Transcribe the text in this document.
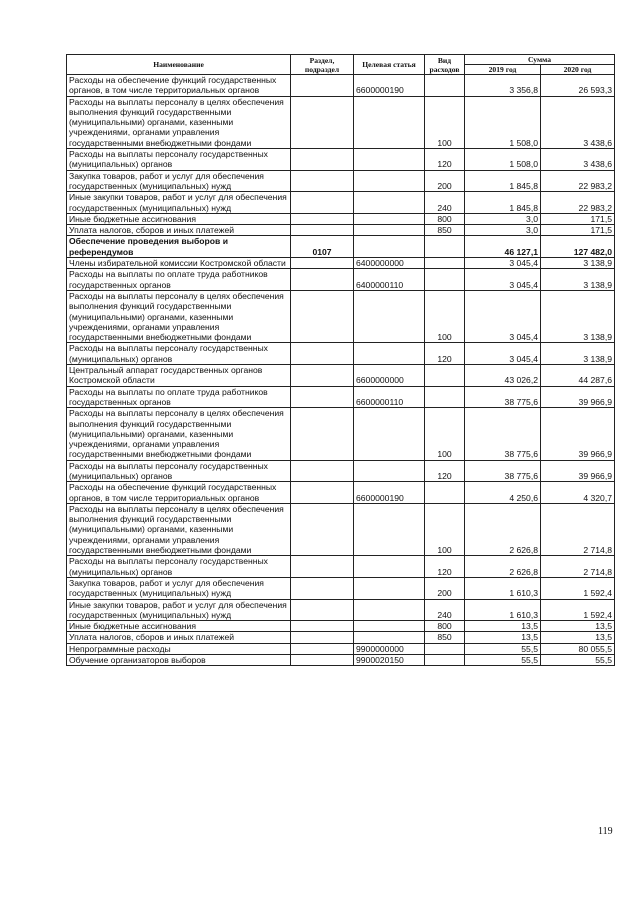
Наименование	Раздел, подраздел	Целевая статья	Вид расходов	Сумма	
				2019 год	2020 год
Расходы на обеспечение функций государственных органов, в том числе территориальных органов		6600000190		3 356,8	26 593,3
Расходы на выплаты персоналу в целях обеспечения выполнения функций государственными (муниципальными) органами, казенными учреждениями, органами управления государственными внебюджетными фондами			100	1 508,0	3 438,6
Расходы на выплаты персоналу государственных (муниципальных) органов			120	1 508,0	3 438,6
Закупка товаров, работ и услуг для обеспечения государственных (муниципальных) нужд			200	1 845,8	22 983,2
Иные закупки товаров, работ и услуг для обеспечения государственных (муниципальных) нужд			240	1 845,8	22 983,2
Иные бюджетные ассигнования			800	3,0	171,5
Уплата налогов, сборов и иных платежей			850	3,0	171,5
Обеспечение проведения выборов и референдумов	0107			46 127,1	127 482,0
Члены избирательной комиссии Костромской области		6400000000		3 045,4	3 138,9
Расходы на выплаты по оплате труда работников государственных органов		6400000110		3 045,4	3 138,9
Расходы на выплаты персоналу в целях обеспечения выполнения функций государственными (муниципальными) органами, казенными учреждениями, органами управления государственными внебюджетными фондами			100	3 045,4	3 138,9
Расходы на выплаты персоналу государственных (муниципальных) органов			120	3 045,4	3 138,9
Центральный аппарат государственных органов Костромской области		6600000000		43 026,2	44 287,6
Расходы на выплаты по оплате труда работников государственных органов		6600000110		38 775,6	39 966,9
Расходы на выплаты персоналу в целях обеспечения выполнения функций государственными (муниципальными) органами, казенными учреждениями, органами управления государственными внебюджетными фондами			100	38 775,6	39 966,9
Расходы на выплаты персоналу государственных (муниципальных) органов			120	38 775,6	39 966,9
Расходы на обеспечение функций государственных органов, в том числе территориальных органов		6600000190		4 250,6	4 320,7
Расходы на выплаты персоналу в целях обеспечения выполнения функций государственными (муниципальными) органами, казенными учреждениями, органами управления государственными внебюджетными фондами			100	2 626,8	2 714,8
Расходы на выплаты персоналу государственных (муниципальных) органов			120	2 626,8	2 714,8
Закупка товаров, работ и услуг для обеспечения государственных (муниципальных) нужд			200	1 610,3	1 592,4
Иные закупки товаров, работ и услуг для обеспечения государственных (муниципальных) нужд			240	1 610,3	1 592,4
Иные бюджетные ассигнования			800	13,5	13,5
Уплата налогов, сборов и иных платежей			850	13,5	13,5
Непрограммные расходы		9900000000		55,5	80 055,5
Обучение организаторов выборов		9900020150		55,5	55,5
119
